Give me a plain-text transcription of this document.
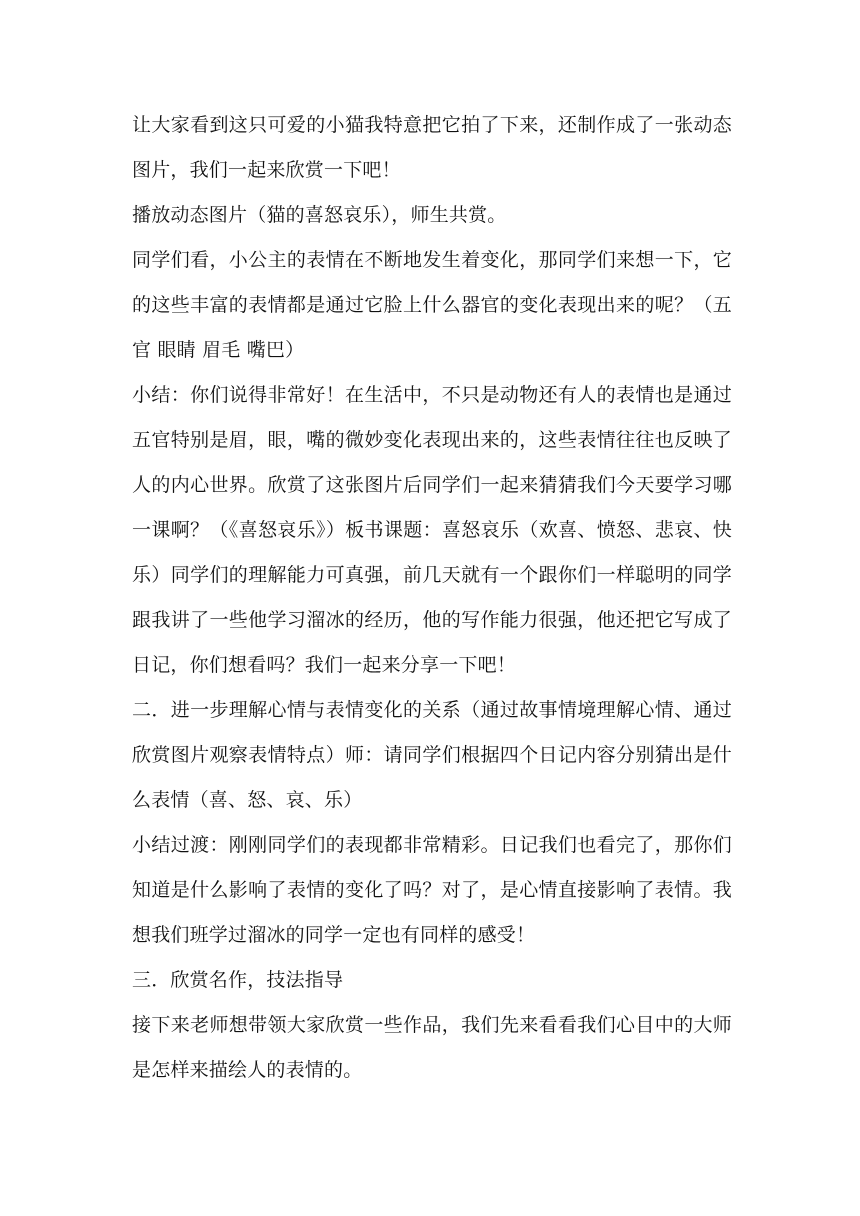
让大家看到这只可爱的小猫我特意把它拍了下来，还制作成了一张动态图片，我们一起来欣赏一下吧！

播放动态图片（猫的喜怒哀乐），师生共赏。

同学们看，小公主的表情在不断地发生着变化，那同学们来想一下，它的这些丰富的表情都是通过它脸上什么器官的变化表现出来的呢？（五官 眼睛 眉毛 嘴巴）

小结：你们说得非常好！在生活中，不只是动物还有人的表情也是通过五官特别是眉，眼，嘴的微妙变化表现出来的，这些表情往往也反映了人的内心世界。欣赏了这张图片后同学们一起来猜猜我们今天要学习哪一课啊？（《喜怒哀乐》）板书课题：喜怒哀乐（欢喜、愤怒、悲哀、快乐）同学们的理解能力可真强，前几天就有一个跟你们一样聪明的同学跟我讲了一些他学习溜冰的经历，他的写作能力很强，他还把它写成了日记，你们想看吗？我们一起来分享一下吧！

二．进一步理解心情与表情变化的关系（通过故事情境理解心情、通过欣赏图片观察表情特点）师：请同学们根据四个日记内容分别猜出是什么表情（喜、怒、哀、乐）

小结过渡：刚刚同学们的表现都非常精彩。日记我们也看完了，那你们知道是什么影响了表情的变化了吗？对了，是心情直接影响了表情。我想我们班学过溜冰的同学一定也有同样的感受！

三．欣赏名作，技法指导

接下来老师想带领大家欣赏一些作品，我们先来看看我们心目中的大师是怎样来描绘人的表情的。
